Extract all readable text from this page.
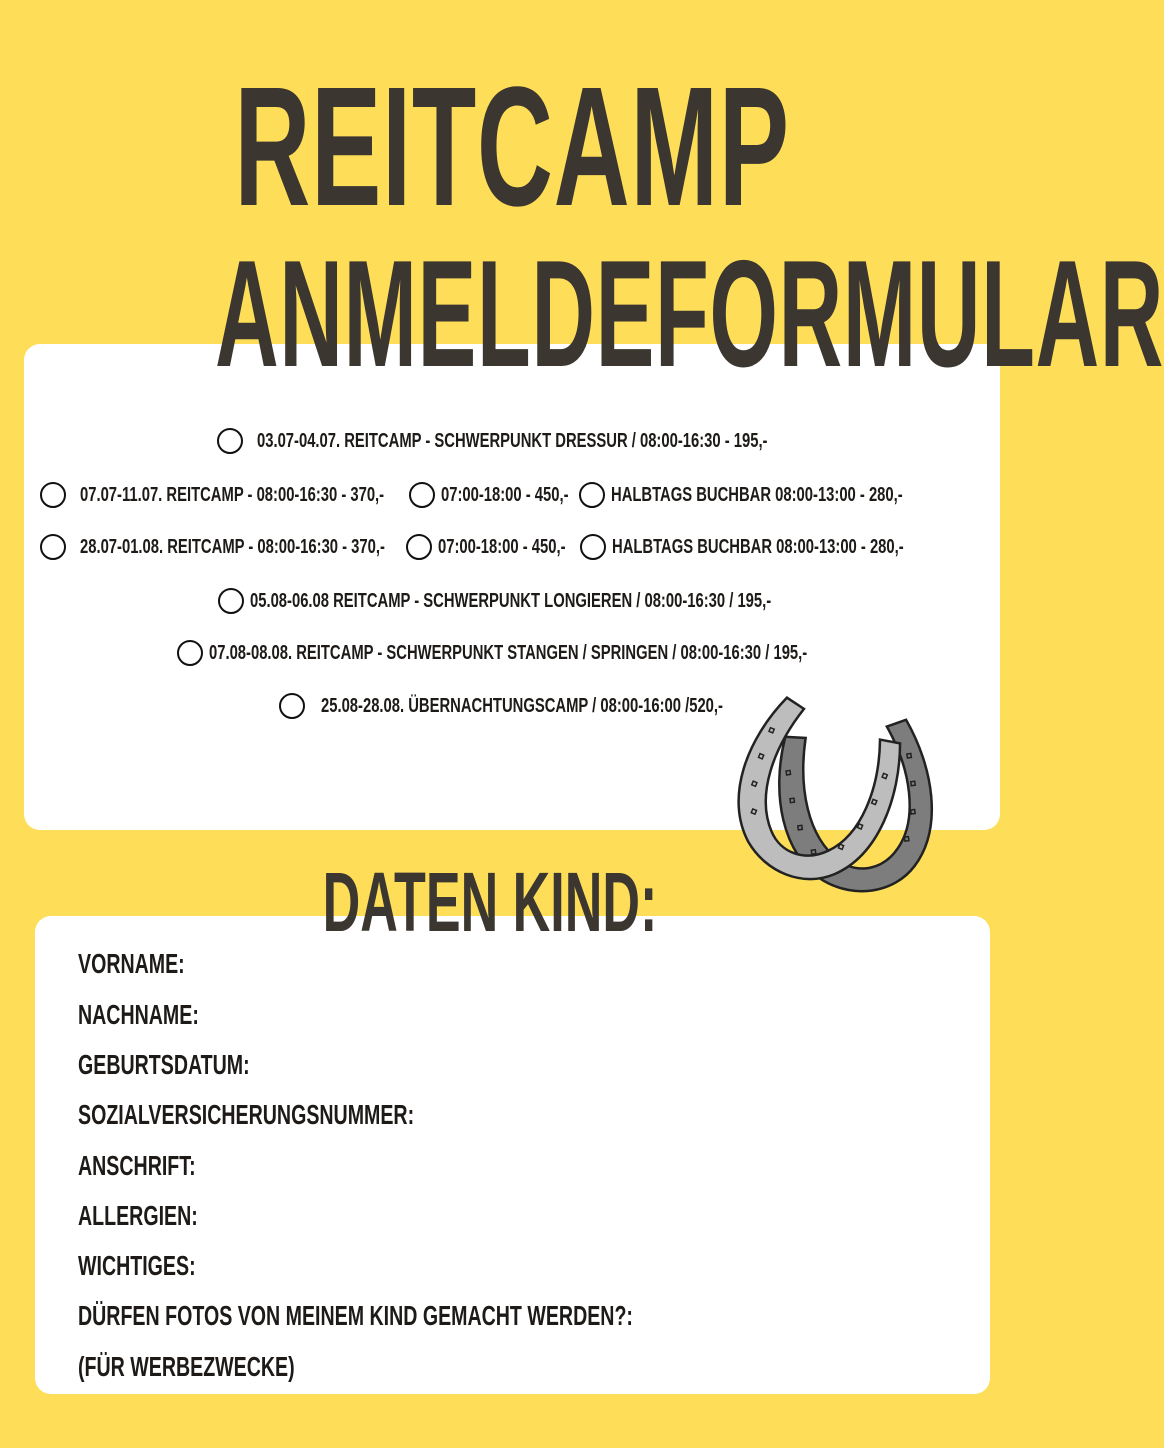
REITCAMP
ANMELDEFORMULAR
03.07-04.07. REITCAMP - SCHWERPUNKT DRESSUR / 08:00-16:30 - 195,-
07.07-11.07. REITCAMP - 08:00-16:30 - 370,-	07:00-18:00 - 450,- HALBTAGS BUCHBAR 08:00-13:00 - 280,-
28.07-01.08. REITCAMP - 08:00-16:30 - 370,-	07:00-18:00 - 450,- HALBTAGS BUCHBAR 08:00-13:00 - 280,-
05.08-06.08 REITCAMP - SCHWERPUNKT LONGIEREN / 08:00-16:30 / 195,-
07.08-08.08. REITCAMP - SCHWERPUNKT STANGEN / SPRINGEN / 08:00-16:30 / 195,-
25.08-28.08. ÜBERNACHTUNGSCAMP / 08:00-16:00 /520,-
DATEN KIND:
VORNAME:
NACHNAME:
GEBURTSDATUM:
SOZIALVERSICHERUNGSNUMMER:
ANSCHRIFT:
ALLERGIEN:
WICHTIGES:
DÜRFEN FOTOS VON MEINEM KIND GEMACHT WERDEN?:
(FÜR WERBEZWECKE)
